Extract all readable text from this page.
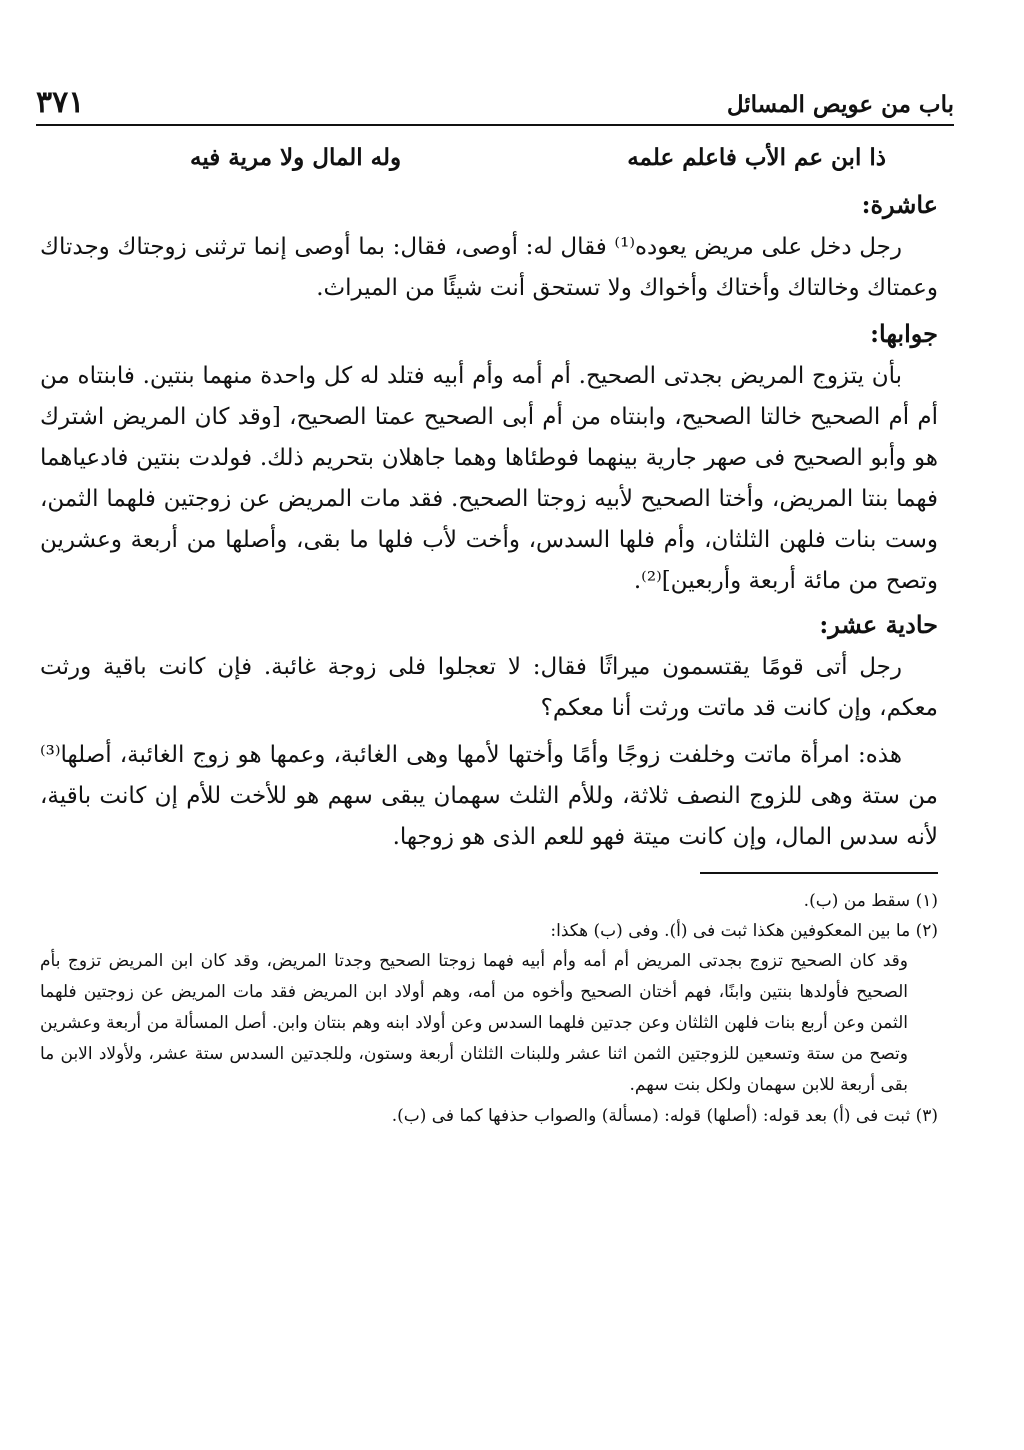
باب من عويص المسائل
٣٧١
ذا ابن عم الأب فاعلم علمه
وله المال ولا مرية فيه
عاشرة:

رجل دخل على مريض يعوده⁽¹⁾ فقال له: أوصى، فقال: بما أوصى إنما ترثنى زوجتاك وجدتاك وعمتاك وخالتاك وأختاك وأخواك ولا تستحق أنت شيئًا من الميراث.

جوابها:

بأن يتزوج المريض بجدتى الصحيح. أم أمه وأم أبيه فتلد له كل واحدة منهما بنتين. فابنتاه من أم أم الصحيح خالتا الصحيح، وابنتاه من أم أبى الصحيح عمتا الصحيح، [وقد كان المريض اشترك هو وأبو الصحيح فى صهر جارية بينهما فوطئاها وهما جاهلان بتحريم ذلك. فولدت بنتين فادعياهما فهما بنتا المريض، وأختا الصحيح لأبيه زوجتا الصحيح. فقد مات المريض عن زوجتين فلهما الثمن، وست بنات فلهن الثلثان، وأم فلها السدس، وأخت لأب فلها ما بقى، وأصلها من أربعة وعشرين وتصح من مائة أربعة وأربعين]⁽²⁾.

حادية عشر:

رجل أتى قومًا يقتسمون ميراثًا فقال: لا تعجلوا فلى زوجة غائبة. فإن كانت باقية ورثت معكم، وإن كانت قد ماتت ورثت أنا معكم؟

هذه: امرأة ماتت وخلفت زوجًا وأمًا وأختها لأمها وهى الغائبة، وعمها هو زوج الغائبة، أصلها⁽³⁾ من ستة وهى للزوج النصف ثلاثة، وللأم الثلث سهمان يبقى سهم هو للأخت للأم إن كانت باقية، لأنه سدس المال، وإن كانت ميتة فهو للعم الذى هو زوجها.

(١) سقط من (ب).

(٢) ما بين المعكوفين هكذا ثبت فى (أ). وفى (ب) هكذا:

وقد كان الصحيح تزوج بجدتى المريض أم أمه وأم أبيه فهما زوجتا الصحيح وجدتا المريض، وقد كان ابن المريض تزوج بأم الصحيح فأولدها بنتين وابنًا، فهم أختان الصحيح وأخوه من أمه، وهم أولاد ابن المريض فقد مات المريض عن زوجتين فلهما الثمن وعن أربع بنات فلهن الثلثان وعن جدتين فلهما السدس وعن أولاد ابنه وهم بنتان وابن. أصل المسألة من أربعة وعشرين وتصح من ستة وتسعين للزوجتين الثمن اثنا عشر وللبنات الثلثان أربعة وستون، وللجدتين السدس ستة عشر، ولأولاد الابن ما بقى أربعة للابن سهمان ولكل بنت سهم.

(٣) ثبت فى (أ) بعد قوله: (أصلها) قوله: (مسألة) والصواب حذفها كما فى (ب).
